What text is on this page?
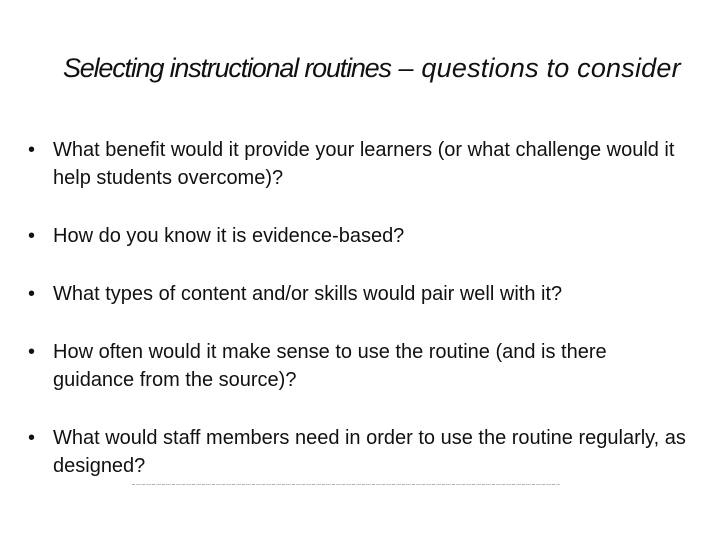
Selecting instructional routines – questions to consider
• What benefit would it provide your learners (or what challenge would it help students overcome)?
• How do you know it is evidence-based?
• What types of content and/or skills would pair well with it?
• How often would it make sense to use the routine (and is there guidance from the source)?
• What would staff members need in order to use the routine regularly, as designed?
